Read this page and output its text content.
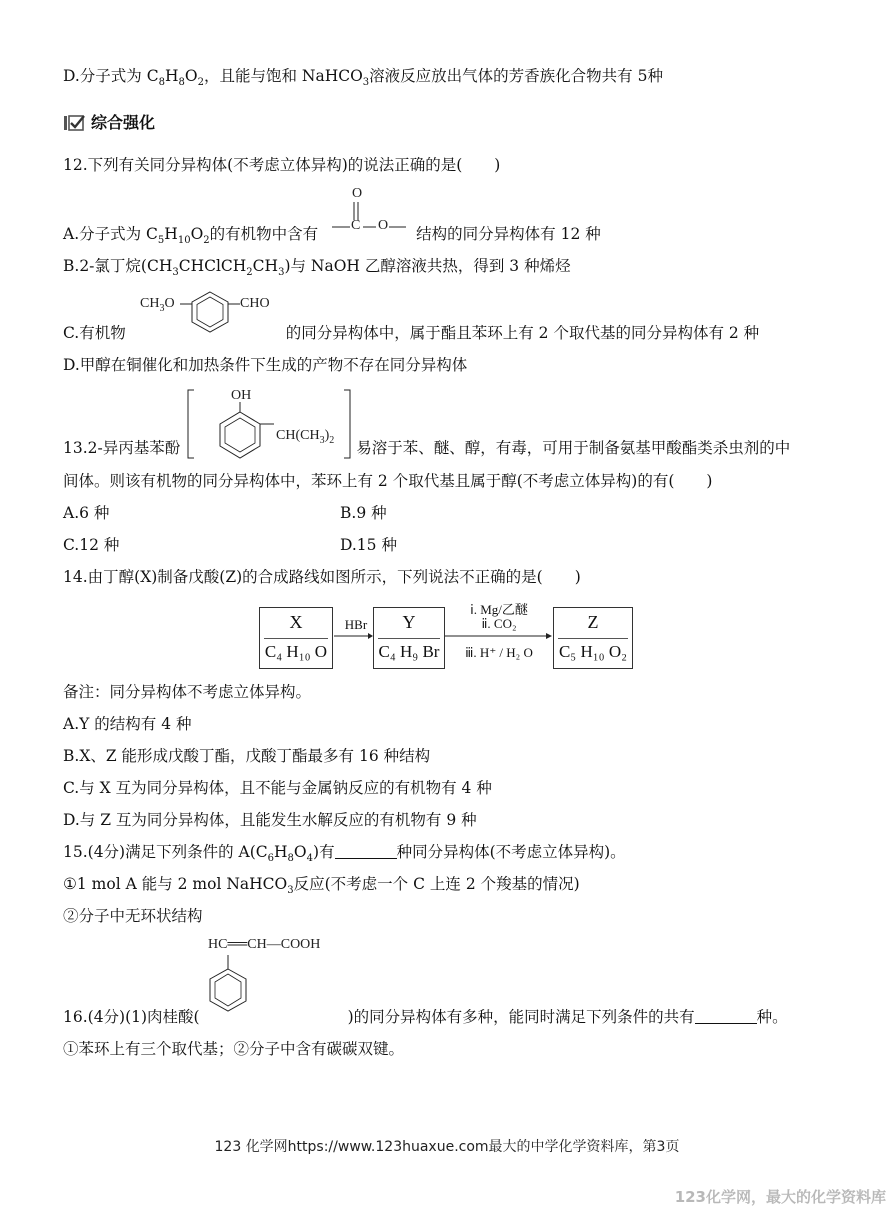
D.分子式为 $C_8H_8O_2$，且能与饱和 NaHCO$_3$溶液反应放出气体的芳香族化合物共有 5种
综合强化
12.下列有关同分异构体(不考虑立体异构)的说法正确的是( )
A.分子式为 $C_5H_{10}O_2$的有机物中含有	结构的同分异构体有 12 种
O
C O
B.2-氯丁烷$(CH_3CHClCH_2CH_3)$与 NaOH 乙醇溶液共热，得到 3 种烯烃
$CH_3O$	CHO
C.有机物	的同分异构体中，属于酯且苯环上有 2 个取代基的同分异构体有 2 种
D.甲醇在铜催化和加热条件下生成的产物不存在同分异构体
OH
$CH(CH_3)_2$
13.2-异丙基苯酚	易溶于苯、醚、醇，有毒，可用于制备氨基甲酸酯类杀虫剂的中
间体。则该有机物的同分异构体中，苯环上有 2 个取代基且属于醇(不考虑立体异构)的有( )
A.6 种	B.9 种
C.12 种	D.15 种
14.由丁醇(X)制备戊酸(Z)的合成路线如图所示，下列说法不正确的是( )
X
C₄ H₁₀ O
Y
C₄ H₉ Br
Z
C₅ H₁₀ O₂
HBr
ⅰ. Mg/乙醚
ⅱ. CO₂
ⅲ. H⁺ / H₂ O
备注：同分异构体不考虑立体异构。
A.Y 的结构有 4 种
B.X、Z 能形成戊酸丁酯，戊酸丁酯最多有 16 种结构
C.与 X 互为同分异构体，且不能与金属钠反应的有机物有 4 种
D.与 Z 互为同分异构体，且能发生水解反应的有机物有 9 种
15.(4分)满足下列条件的 $A(C_6H_8O_4)$有	种同分异构体(不考虑立体异构)。
①1 mol A 能与 2 mol NaHCO$_3$反应(不考虑一个 C 上连 2 个羧基的情况)
②分子中无环状结构
HC══CH—COOH
16.(4分)(1)肉桂酸(	)的同分异构体有多种，能同时满足下列条件的共有	种。
①苯环上有三个取代基；②分子中含有碳碳双键。
123 化学网https://www.123huaxue.com最大的中学化学资料库，第3页
123化学网，最大的化学资料库
